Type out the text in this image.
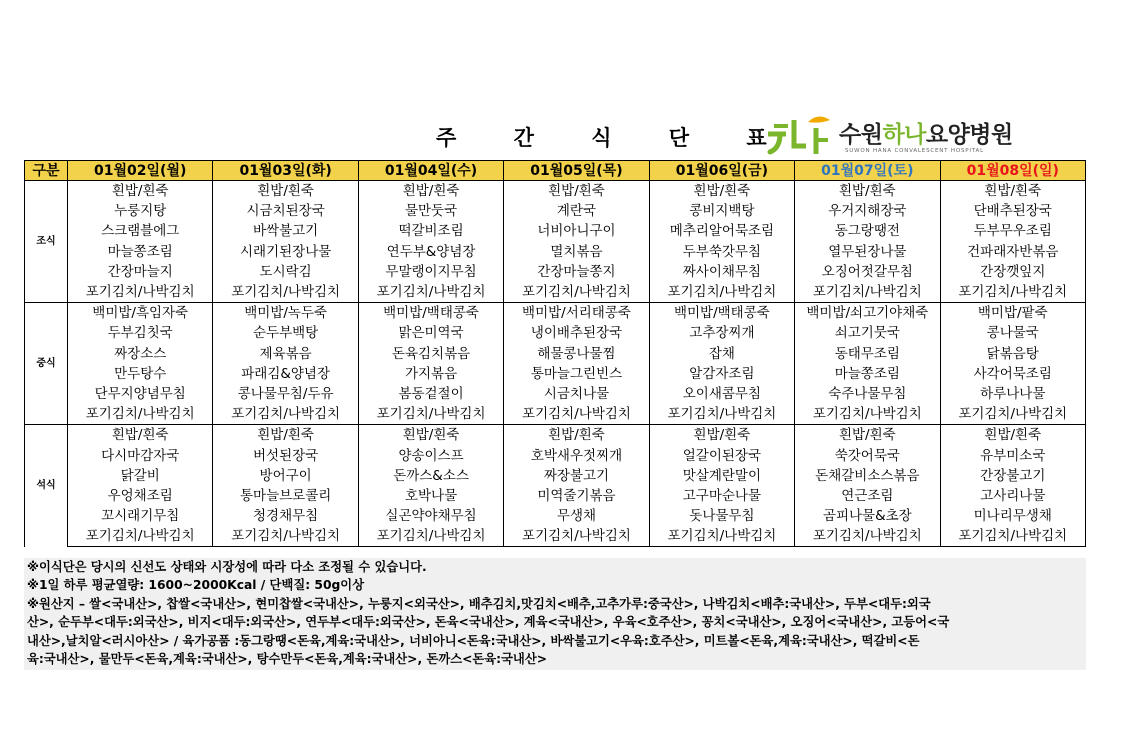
주 간 식 단 표 수원하나요양병원
SUWON HANA CONVALESCENT HOSPITAL
구분	01월02일(월)	01월03일(화)	01월04일(수)	01월05일(목)	01월06일(금)	01월07일(토)	01월08일(일)
조식	흰밥/흰죽	흰밥/흰죽	흰밥/흰죽	흰밥/흰죽	흰밥/흰죽	흰밥/흰죽	흰밥/흰죽
	누룽지탕	시금치된장국	물만둣국	계란국	콩비지백탕	우거지해장국	단배추된장국
	스크램블에그	바싹불고기	떡갈비조림	너비아니구이	메추리알어묵조림	동그랑땡전	두부무우조림
	마늘쫑조림	시래기된장나물	연두부&양념장	멸치볶음	두부쑥갓무침	열무된장나물	건파래자반볶음
	간장마늘지	도시락김	무말랭이지무침	간장마늘쫑지	짜사이채무침	오징어젓갈무침	간장깻잎지
	포기김치/나박김치	포기김치/나박김치	포기김치/나박김치	포기김치/나박김치	포기김치/나박김치	포기김치/나박김치	포기김치/나박김치
중식	백미밥/흑임자죽	백미밥/녹두죽	백미밥/백태콩죽	백미밥/서리태콩죽	백미밥/백태콩죽	백미밥/쇠고기야채죽	백미밥/팥죽
	두부김칫국	순두부백탕	맑은미역국	냉이배추된장국	고추장찌개	쇠고기뭇국	콩나물국
	짜장소스	제육볶음	돈육김치볶음	해물콩나물찜	잡채	동태무조림	닭볶음탕
	만두탕수	파래김&양념장	가지볶음	통마늘그린빈스	알감자조림	마늘쫑조림	사각어묵조림
	단무지양념무침	콩나물무침/두유	봄동겉절이	시금치나물	오이새콤무침	숙주나물무침	하루나나물
	포기김치/나박김치	포기김치/나박김치	포기김치/나박김치	포기김치/나박김치	포기김치/나박김치	포기김치/나박김치	포기김치/나박김치
석식	흰밥/흰죽	흰밥/흰죽	흰밥/흰죽	흰밥/흰죽	흰밥/흰죽	흰밥/흰죽	흰밥/흰죽
	다시마감자국	버섯된장국	양송이스프	호박새우젓찌개	얼갈이된장국	쑥갓어묵국	유부미소국
	닭갈비	방어구이	돈까스&소스	짜장불고기	맛살계란말이	돈채갈비소스볶음	간장불고기
	우엉채조림	통마늘브로콜리	호박나물	미역줄기볶음	고구마순나물	연근조림	고사리나물
	꼬시래기무침	청경채무침	실곤약야채무침	무생채	돗나물무침	곰피나물&초장	미나리무생채
	포기김치/나박김치	포기김치/나박김치	포기김치/나박김치	포기김치/나박김치	포기김치/나박김치	포기김치/나박김치	포기김치/나박김치
※이식단은 당시의 신선도 상태와 시장성에 따라 다소 조정될 수 있습니다.
※1일 하루 평균열량: 1600~2000Kcal / 단백질: 50g이상
※원산지 – 쌀<국내산>, 찹쌀<국내산>, 현미찹쌀<국내산>, 누룽지<외국산>, 배추김치,맛김치<배추,고추가루:중국산>, 나박김치<배추:국내산>, 두부<대두:외국
산>, 순두부<대두:외국산>, 비지<대두:외국산>, 연두부<대두:외국산>, 돈육<국내산>, 계육<국내산>, 우육<호주산>, 꽁치<국내산>, 오징어<국내산>, 고등어<국
내산>,날치알<러시아산> / 육가공품 :동그랑땡<돈육,계육:국내산>, 너비아니<돈육:국내산>, 바싹불고기<우육:호주산>, 미트볼<돈육,계육:국내산>, 떡갈비<돈
육:국내산>, 물만두<돈육,계육:국내산>, 탕수만두<돈육,계육:국내산>, 돈까스<돈육:국내산>
